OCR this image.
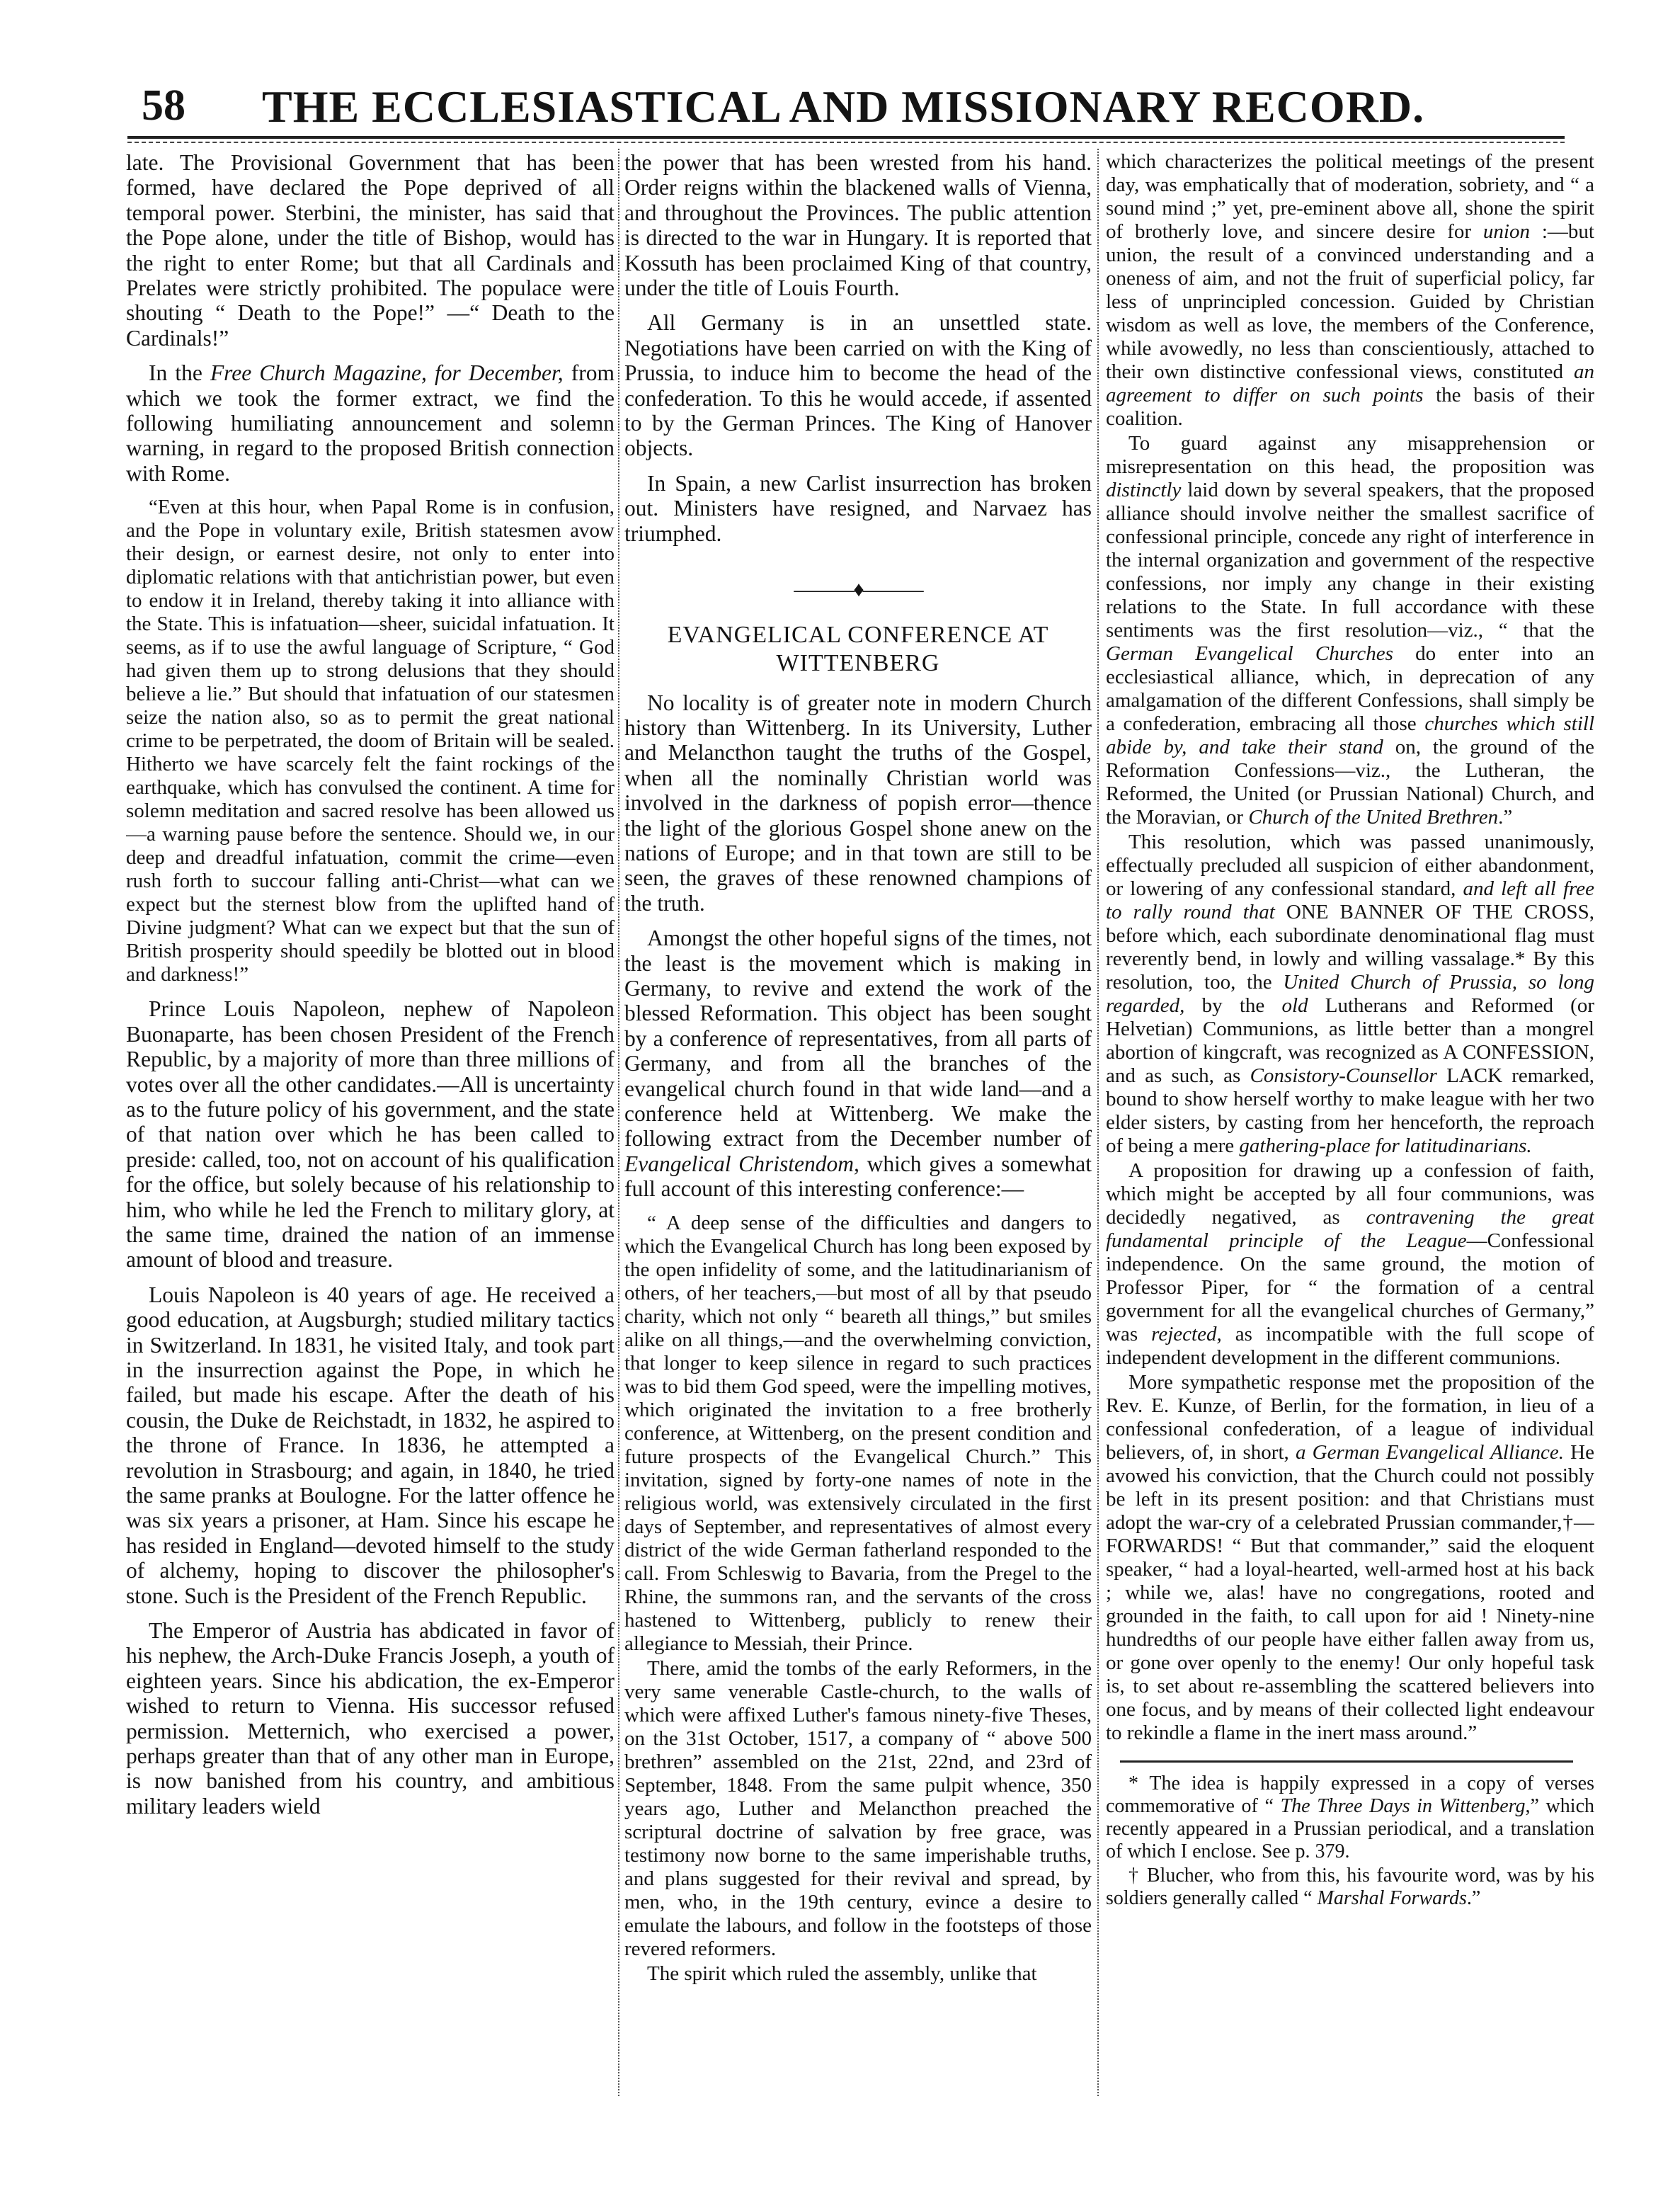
58 THE ECCLESIASTICAL AND MISSIONARY RECORD.

late. The Provisional Government that has been formed, have declared the Pope deprived of all temporal power. Sterbini, the minister, has said that the Pope alone, under the title of Bishop, would has the right to enter Rome; but that all Cardinals and Prelates were strictly prohibited. The populace were shouting “ Death to the Pope!” —“ Death to the Cardinals!”

In the Free Church Magazine, for December, from which we took the former extract, we find the following humiliating announcement and solemn warning, in regard to the proposed British connection with Rome.

“Even at this hour, when Papal Rome is in confusion, and the Pope in voluntary exile, British statesmen avow their design, or earnest desire, not only to enter into diplomatic relations with that antichristian power, but even to endow it in Ireland, thereby taking it into alliance with the State. This is infatuation—sheer, suicidal infatuation. It seems, as if to use the awful language of Scripture, “ God had given them up to strong delusions that they should believe a lie.” But should that infatuation of our statesmen seize the nation also, so as to permit the great national crime to be perpetrated, the doom of Britain will be sealed. Hitherto we have scarcely felt the faint rockings of the earthquake, which has convulsed the continent. A time for solemn meditation and sacred resolve has been allowed us—a warning pause before the sentence. Should we, in our deep and dreadful infatuation, commit the crime—even rush forth to succour falling anti-Christ—what can we expect but the sternest blow from the uplifted hand of Divine judgment? What can we expect but that the sun of British prosperity should speedily be blotted out in blood and darkness!”

Prince Louis Napoleon, nephew of Napoleon Buonaparte, has been chosen President of the French Republic, by a majority of more than three millions of votes over all the other candidates.—All is uncertainty as to the future policy of his government, and the state of that nation over which he has been called to preside: called, too, not on account of his qualification for the office, but solely because of his relationship to him, who while he led the French to military glory, at the same time, drained the nation of an immense amount of blood and treasure.

Louis Napoleon is 40 years of age. He received a good education, at Augsburgh; studied military tactics in Switzerland. In 1831, he visited Italy, and took part in the insurrection against the Pope, in which he failed, but made his escape. After the death of his cousin, the Duke de Reichstadt, in 1832, he aspired to the throne of France. In 1836, he attempted a revolution in Strasbourg; and again, in 1840, he tried the same pranks at Boulogne. For the latter offence he was six years a prisoner, at Ham. Since his escape he has resided in England—devoted himself to the study of alchemy, hoping to discover the philosopher's stone. Such is the President of the French Republic.

The Emperor of Austria has abdicated in favor of his nephew, the Arch-Duke Francis Joseph, a youth of eighteen years. Since his abdication, the ex-Emperor wished to return to Vienna. His successor refused permission. Metternich, who exercised a power, perhaps greater than that of any other man in Europe, is now banished from his country, and ambitious military leaders wield

the power that has been wrested from his hand. Order reigns within the blackened walls of Vienna, and throughout the Provinces. The public attention is directed to the war in Hungary. It is reported that Kossuth has been proclaimed King of that country, under the title of Louis Fourth.

All Germany is in an unsettled state. Negotiations have been carried on with the King of Prussia, to induce him to become the head of the confederation. To this he would accede, if assented to by the German Princes. The King of Hanover objects.

In Spain, a new Carlist insurrection has broken out. Ministers have resigned, and Narvaez has triumphed.

———♦———

EVANGELICAL CONFERENCE AT WITTENBERG

No locality is of greater note in modern Church history than Wittenberg. In its University, Luther and Melancthon taught the truths of the Gospel, when all the nominally Christian world was involved in the darkness of popish error—thence the light of the glorious Gospel shone anew on the nations of Europe; and in that town are still to be seen, the graves of these renowned champions of the truth.

Amongst the other hopeful signs of the times, not the least is the movement which is making in Germany, to revive and extend the work of the blessed Reformation. This object has been sought by a conference of representatives, from all parts of Germany, and from all the branches of the evangelical church found in that wide land—and a conference held at Wittenberg. We make the following extract from the December number of Evangelical Christendom, which gives a somewhat full account of this interesting conference:—

“ A deep sense of the difficulties and dangers to which the Evangelical Church has long been exposed by the open infidelity of some, and the latitudinarianism of others, of her teachers,—but most of all by that pseudo charity, which not only “ beareth all things,” but smiles alike on all things,—and the overwhelming conviction, that longer to keep silence in regard to such practices was to bid them God speed, were the impelling motives, which originated the invitation to a free brotherly conference, at Wittenberg, on the present condition and future prospects of the Evangelical Church.” This invitation, signed by forty-one names of note in the religious world, was extensively circulated in the first days of September, and representatives of almost every district of the wide German fatherland responded to the call. From Schleswig to Bavaria, from the Pregel to the Rhine, the summons ran, and the servants of the cross hastened to Wittenberg, publicly to renew their allegiance to Messiah, their Prince.

There, amid the tombs of the early Reformers, in the very same venerable Castle-church, to the walls of which were affixed Luther's famous ninety-five Theses, on the 31st October, 1517, a company of “ above 500 brethren” assembled on the 21st, 22nd, and 23rd of September, 1848. From the same pulpit whence, 350 years ago, Luther and Melancthon preached the scriptural doctrine of salvation by free grace, was testimony now borne to the same imperishable truths, and plans suggested for their revival and spread, by men, who, in the 19th century, evince a desire to emulate the labours, and follow in the footsteps of those revered reformers.

The spirit which ruled the assembly, unlike that

which characterizes the political meetings of the present day, was emphatically that of moderation, sobriety, and “ a sound mind ;” yet, pre-eminent above all, shone the spirit of brotherly love, and sincere desire for union :—but union, the result of a convinced understanding and a oneness of aim, and not the fruit of superficial policy, far less of unprincipled concession. Guided by Christian wisdom as well as love, the members of the Conference, while avowedly, no less than conscientiously, attached to their own distinctive confessional views, constituted an agreement to differ on such points the basis of their coalition.

To guard against any misapprehension or misrepresentation on this head, the proposition was distinctly laid down by several speakers, that the proposed alliance should involve neither the smallest sacrifice of confessional principle, concede any right of interference in the internal organization and government of the respective confessions, nor imply any change in their existing relations to the State. In full accordance with these sentiments was the first resolution—viz., “ that the German Evangelical Churches do enter into an ecclesiastical alliance, which, in deprecation of any amalgamation of the different Confessions, shall simply be a confederation, embracing all those churches which still abide by, and take their stand on, the ground of the Reformation Confessions—viz., the Lutheran, the Reformed, the United (or Prussian National) Church, and the Moravian, or Church of the United Brethren.”

This resolution, which was passed unanimously, effectually precluded all suspicion of either abandonment, or lowering of any confessional standard, and left all free to rally round that ONE BANNER OF THE CROSS, before which, each subordinate denominational flag must reverently bend, in lowly and willing vassalage.* By this resolution, too, the United Church of Prussia, so long regarded, by the old Lutherans and Reformed (or Helvetian) Communions, as little better than a mongrel abortion of kingcraft, was recognized as A CONFESSION, and as such, as Consistory-Counsellor LACK remarked, bound to show herself worthy to make league with her two elder sisters, by casting from her henceforth, the reproach of being a mere gathering-place for latitudinarians.

A proposition for drawing up a confession of faith, which might be accepted by all four communions, was decidedly negatived, as contravening the great fundamental principle of the League—Confessional independence. On the same ground, the motion of Professor Piper, for “ the formation of a central government for all the evangelical churches of Germany,” was rejected, as incompatible with the full scope of independent development in the different communions.

More sympathetic response met the proposition of the Rev. E. Kunze, of Berlin, for the formation, in lieu of a confessional confederation, of a league of individual believers, of, in short, a German Evangelical Alliance. He avowed his conviction, that the Church could not possibly be left in its present position: and that Christians must adopt the war-cry of a celebrated Prussian commander,†—FORWARDS! “ But that commander,” said the eloquent speaker, “ had a loyal-hearted, well-armed host at his back ; while we, alas! have no congregations, rooted and grounded in the faith, to call upon for aid ! Ninety-nine hundredths of our people have either fallen away from us, or gone over openly to the enemy! Our only hopeful task is, to set about re-assembling the scattered believers into one focus, and by means of their collected light endeavour to rekindle a flame in the inert mass around.”

* The idea is happily expressed in a copy of verses commemorative of “ The Three Days in Wittenberg,” which recently appeared in a Prussian periodical, and a translation of which I enclose. See p. 379.

† Blucher, who from this, his favourite word, was by his soldiers generally called “ Marshal Forwards.”
